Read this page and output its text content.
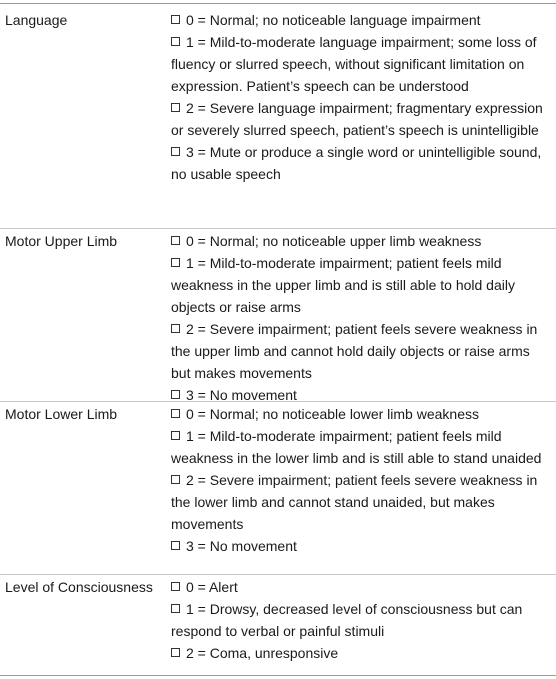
Language	0 = Normal; no noticeable language impairment
1 = Mild-to-moderate language impairment; some loss of fluency or slurred speech, without significant limitation on expression. Patient’s speech can be understood
2 = Severe language impairment; fragmentary expression or severely slurred speech, patient’s speech is unintelligible
3 = Mute or produce a single word or unintelligible sound, no usable speech
Motor Upper Limb	0 = Normal; no noticeable upper limb weakness
1 = Mild-to-moderate impairment; patient feels mild weakness in the upper limb and is still able to hold daily objects or raise arms
2 = Severe impairment; patient feels severe weakness in the upper limb and cannot hold daily objects or raise arms but makes movements
3 = No movement
Motor Lower Limb	0 = Normal; no noticeable lower limb weakness
1 = Mild-to-moderate impairment; patient feels mild weakness in the lower limb and is still able to stand unaided
2 = Severe impairment; patient feels severe weakness in the lower limb and cannot stand unaided, but makes movements
3 = No movement
Level of Consciousness	0 = Alert
1 = Drowsy, decreased level of consciousness but can respond to verbal or painful stimuli
2 = Coma, unresponsive
